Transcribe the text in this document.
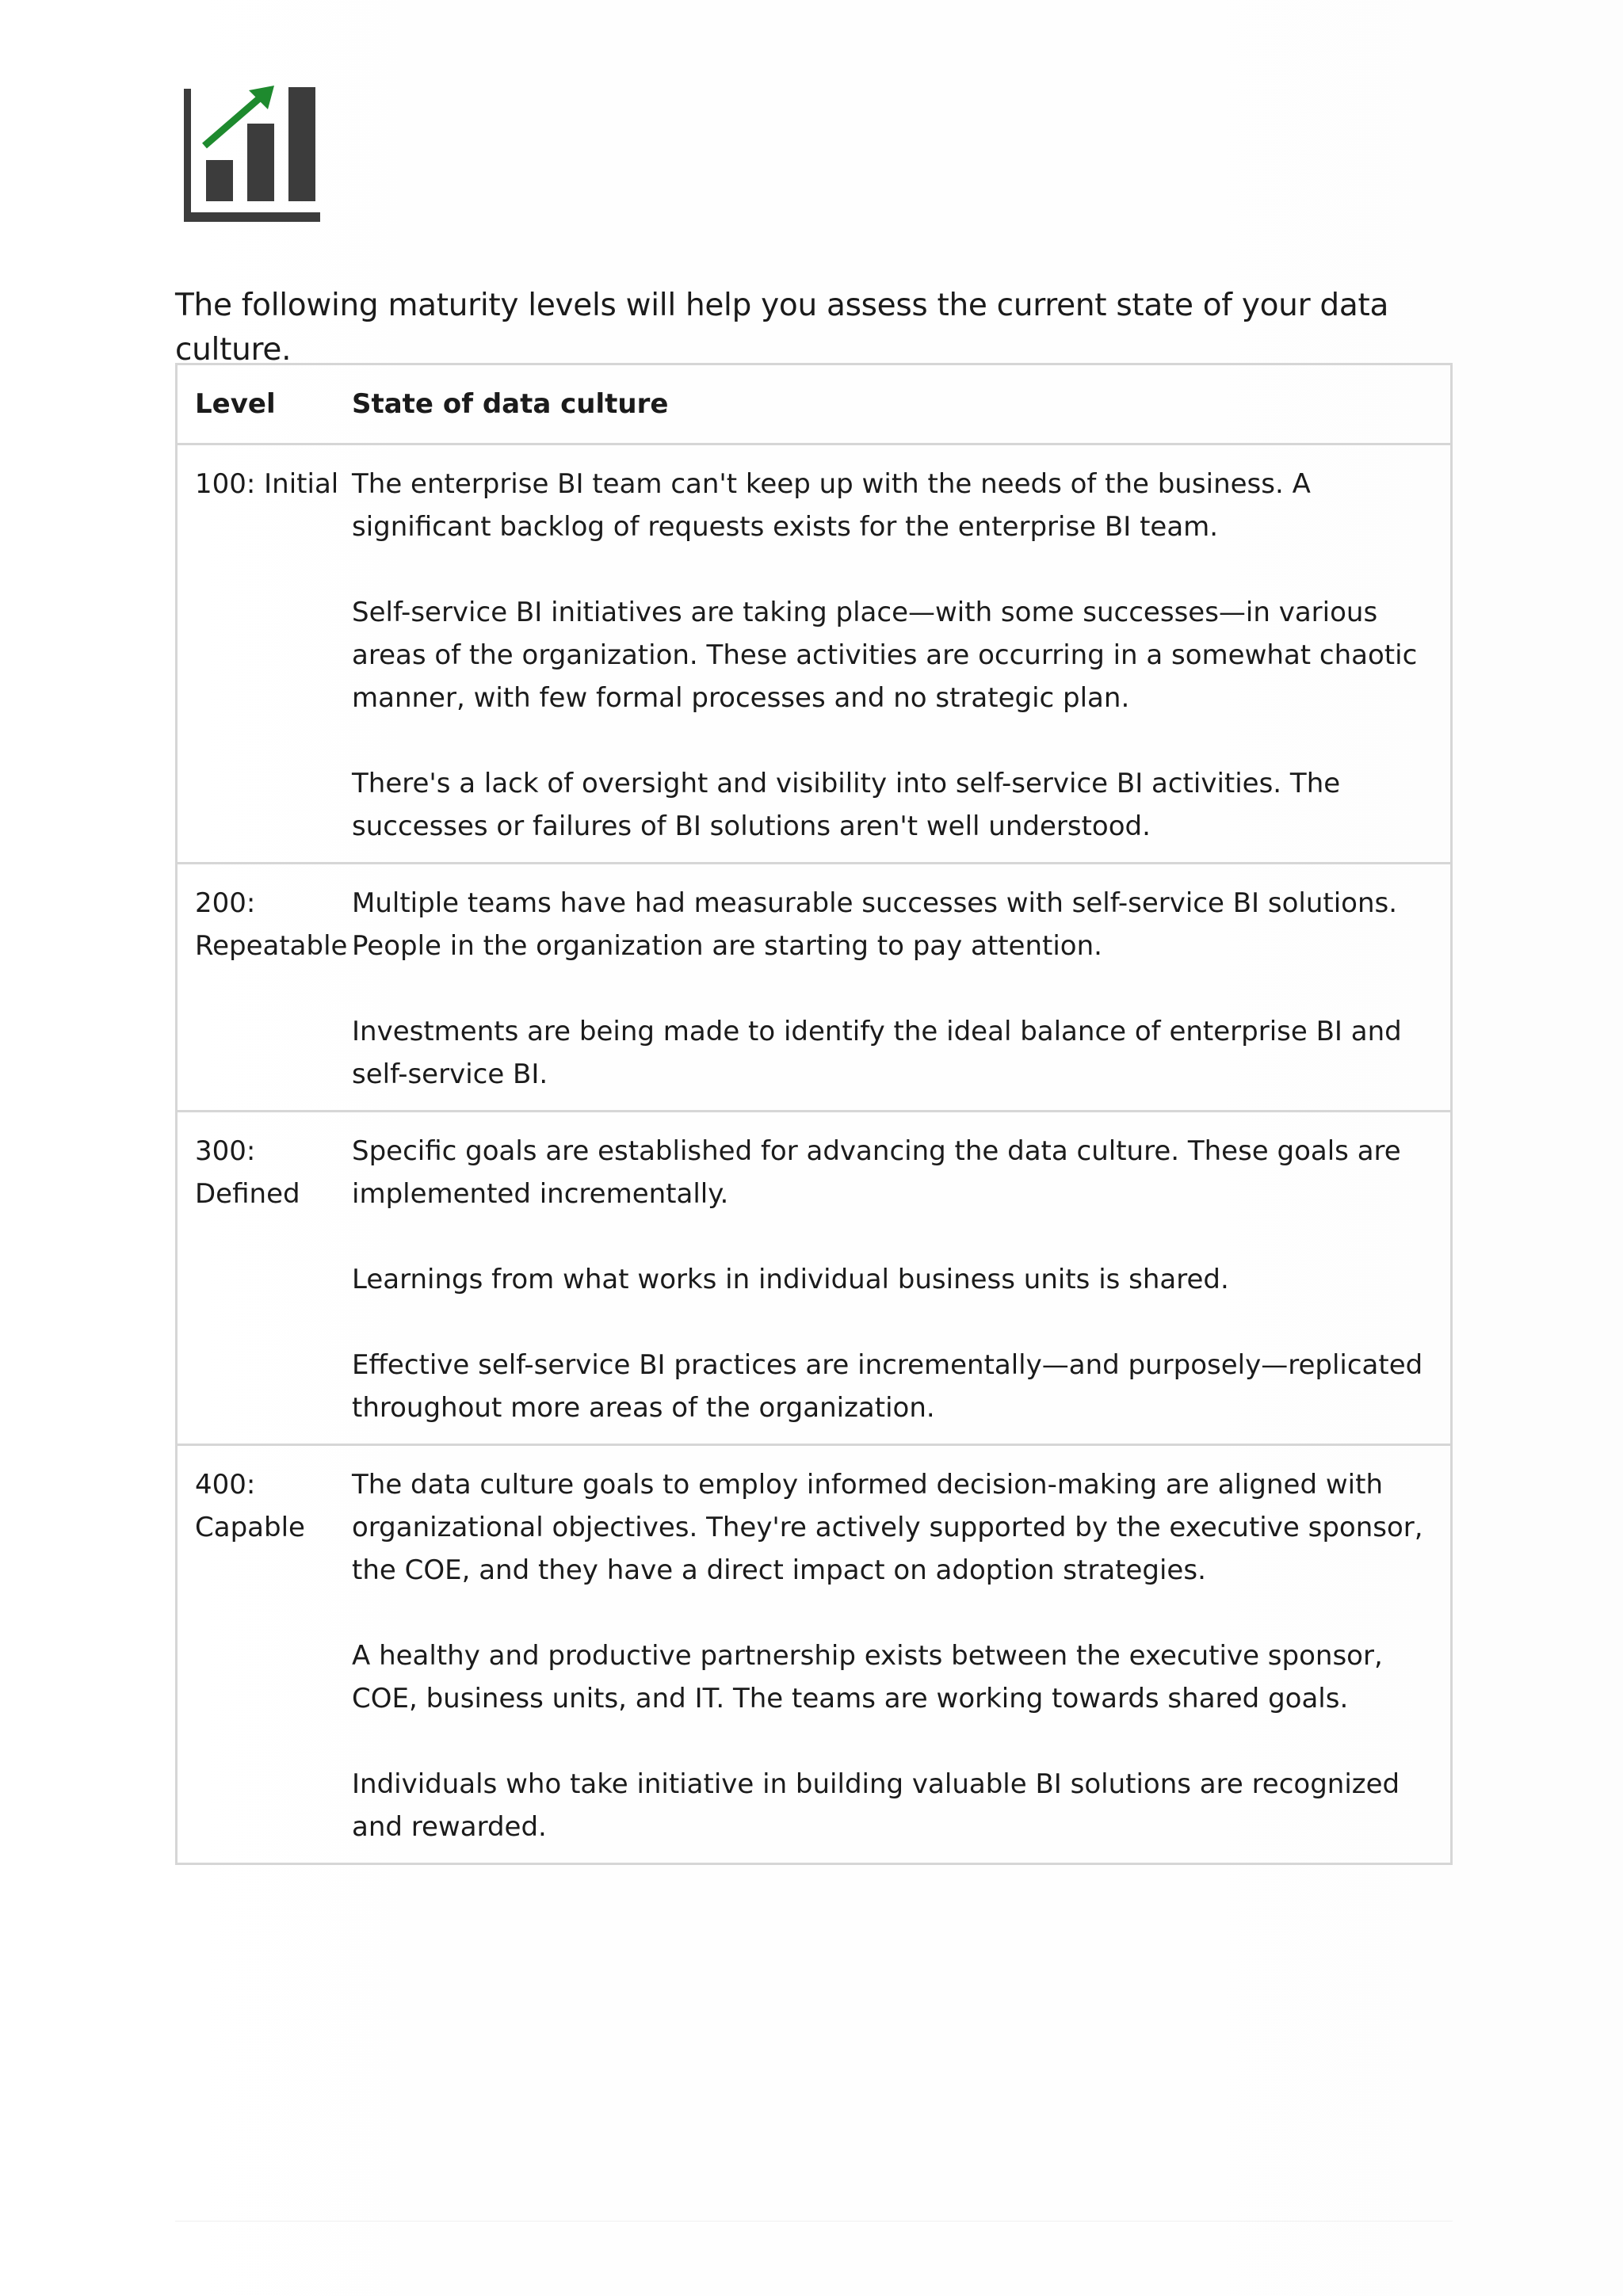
The following maturity levels will help you assess the current state of your data culture.

Level	State of data culture
100: Initial	The enterprise BI team can't keep up with the needs of the business. A significant backlog of requests exists for the enterprise BI team.

Self-service BI initiatives are taking place—with some successes—in various areas of the organization. These activities are occurring in a somewhat chaotic manner, with few formal processes and no strategic plan.

There's a lack of oversight and visibility into self-service BI activities. The successes or failures of BI solutions aren't well understood.

200: Repeatable	Multiple teams have had measurable successes with self-service BI solutions. People in the organization are starting to pay attention.

Investments are being made to identify the ideal balance of enterprise BI and self-service BI.

300: Defined	Specific goals are established for advancing the data culture. These goals are implemented incrementally.

Learnings from what works in individual business units is shared.

Effective self-service BI practices are incrementally—and purposely—replicated throughout more areas of the organization.

400: Capable	The data culture goals to employ informed decision-making are aligned with organizational objectives. They're actively supported by the executive sponsor, the COE, and they have a direct impact on adoption strategies.

A healthy and productive partnership exists between the executive sponsor, COE, business units, and IT. The teams are working towards shared goals.

Individuals who take initiative in building valuable BI solutions are recognized and rewarded.
